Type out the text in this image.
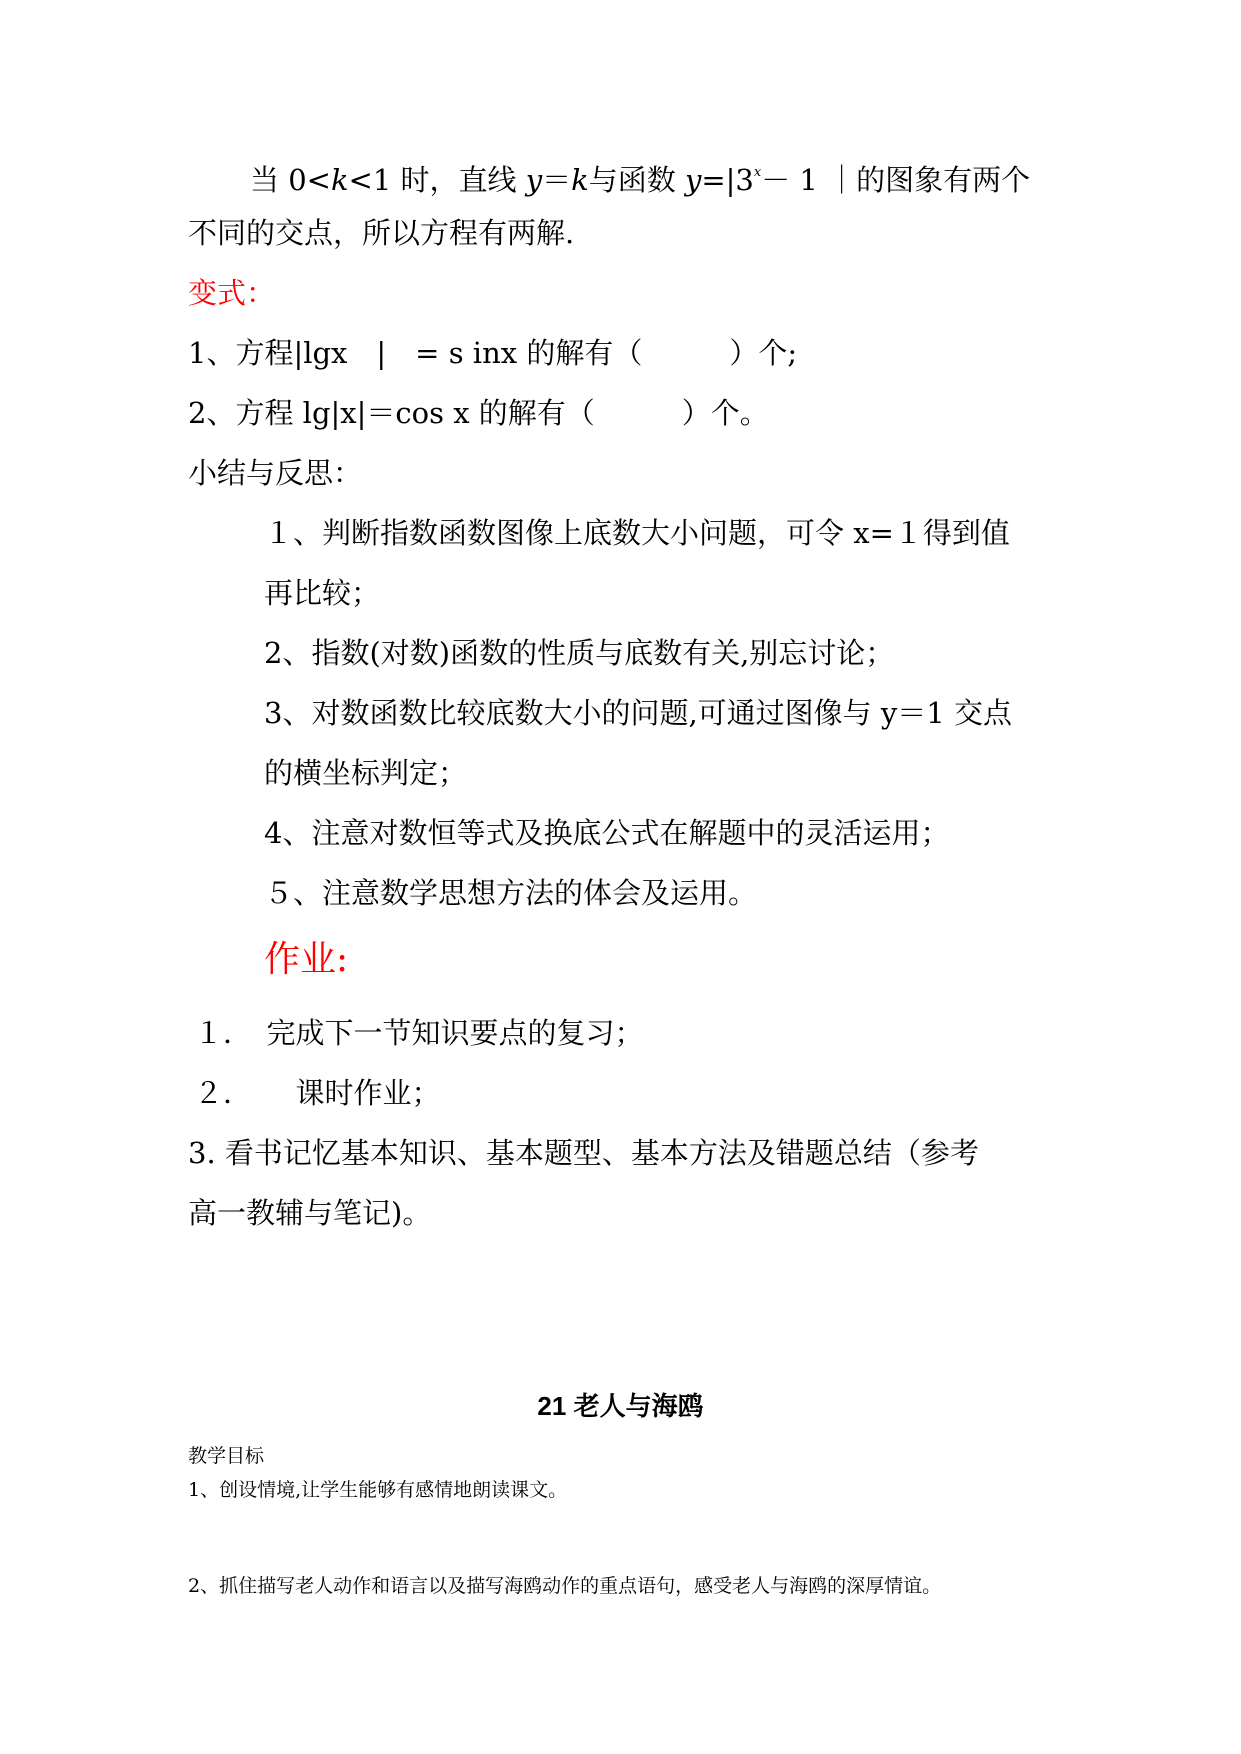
当 0<k<1 时，直线 y＝k与函数 $y=|3^x- 1$ ｜的图象有两个
不同的交点，所以方程有两解.
变式：
1、方程|lgx　|　= s inx 的解有（　　　）个;
2、方程 lg|x|＝cos x 的解有（　　　）个。
小结与反思：
１、判断指数函数图像上底数大小问题，可令 x=１得到值
再比较；
2、指数(对数)函数的性质与底数有关,别忘讨论；
3、对数函数比较底数大小的问题,可通过图像与 y＝1 交点
的横坐标判定；
4、注意对数恒等式及换底公式在解题中的灵活运用；
５、注意数学思想方法的体会及运用。
作业:
１．　完成下一节知识要点的复习；
２．　　课时作业；
3. 看书记忆基本知识、基本题型、基本方法及错题总结（参考
高一教辅与笔记)。
21 老人与海鸥
教学目标
1、创设情境,让学生能够有感情地朗读课文。
2、抓住描写老人动作和语言以及描写海鸥动作的重点语句，感受老人与海鸥的深厚情谊。
